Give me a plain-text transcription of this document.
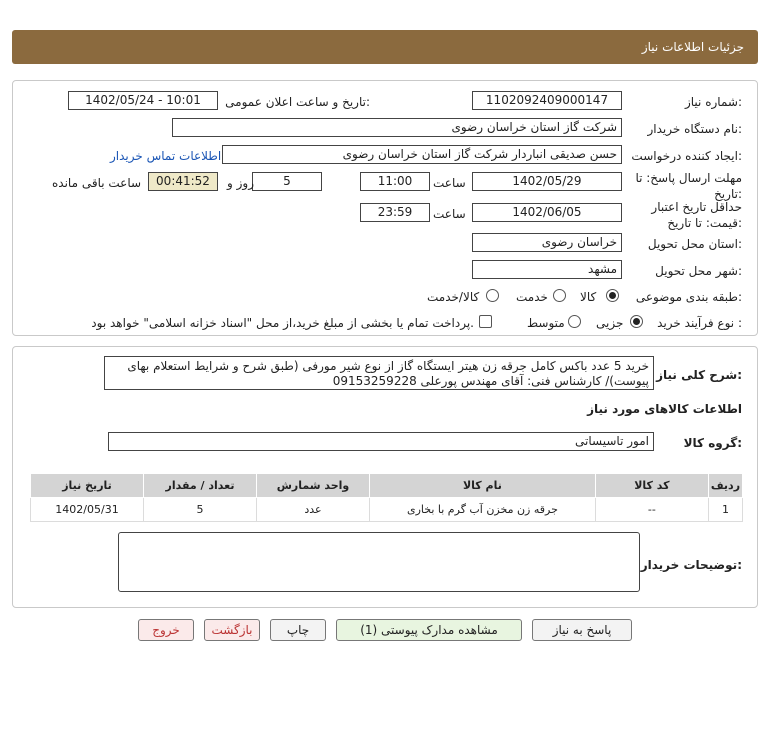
جزئیات اطلاعات نیاز
شماره نیاز:
1102092409000147
تاریخ و ساعت اعلان عمومی:
1402/05/24 - 10:01
نام دستگاه خریدار:
شرکت گاز استان خراسان رضوی
ایجاد کننده درخواست:
حسن صدیقی انباردار شرکت گاز استان خراسان رضوی
اطلاعات تماس خریدار
مهلت ارسال پاسخ: تا تاریخ:
1402/05/29
ساعت
11:00
5
روز و
00:41:52
ساعت باقی مانده
حداقل تاریخ اعتبار قیمت: تا تاریخ:
1402/06/05
ساعت
23:59
استان محل تحویل:
خراسان رضوی
شهر محل تحویل:
مشهد
طبقه بندی موضوعی:
کالا
خدمت
کالا/خدمت
نوع فرآیند خرید :
جزیی
متوسط
پرداخت تمام یا بخشی از مبلغ خرید،از محل "اسناد خزانه اسلامی" خواهد بود.
شرح کلی نیاز:
خرید 5 عدد باکس کامل جرقه زن هیتر ایستگاه گاز از نوع شیر مورفی (طبق شرح و شرایط استعلام بهای پیوست)/ کارشناس فنی: آقای مهندس پورعلی 09153259228
اطلاعات کالاهای مورد نیاز
گروه کالا:
امور تاسیساتی
ردیف	کد کالا	نام کالا	واحد شمارش	تعداد / مقدار	تاریخ نیاز
1	--	جرقه زن مخزن آب گرم با بخاری	عدد	5	1402/05/31
توضیحات خریدار:
پاسخ به نیاز
مشاهده مدارک پیوستی (1)
چاپ
بازگشت
خروج
